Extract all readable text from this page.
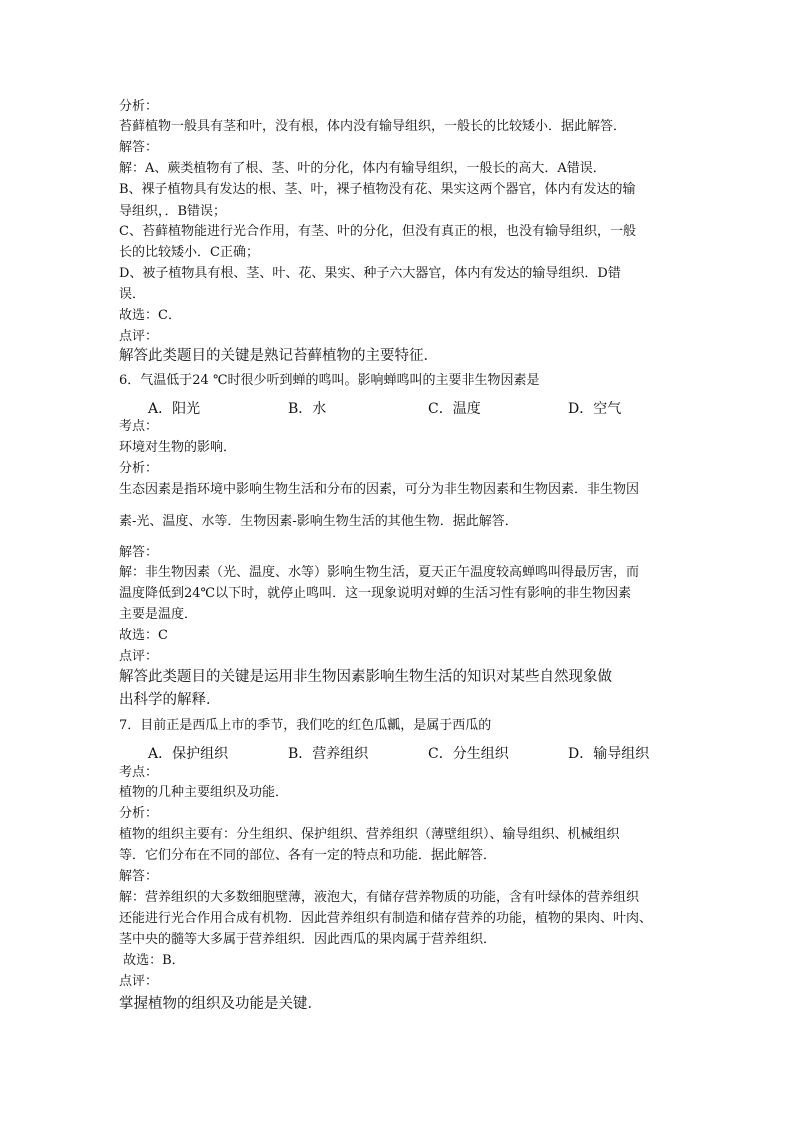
分析：
苔藓植物一般具有茎和叶，没有根，体内没有输导组织，一般长的比较矮小．据此解答．
解答：
解：A、蕨类植物有了根、茎、叶的分化，体内有输导组织，一般长的高大．A错误．
B、裸子植物具有发达的根、茎、叶，裸子植物没有花、果实这两个器官，体内有发达的输
导组织，．B错误；
C、苔藓植物能进行光合作用，有茎、叶的分化，但没有真正的根，也没有输导组织，一般
长的比较矮小．C正确；
D、被子植物具有根、茎、叶、花、果实、种子六大器官，体内有发达的输导组织．D错
误．
故选：C．
点评：
解答此类题目的关键是熟记苔藓植物的主要特征．
6．气温低于24 ℃时很少听到蝉的鸣叫。影响蝉鸣叫的主要非生物因素是
A．阳光	B．水	C．温度	D．空气
考点：
环境对生物的影响．
分析：
生态因素是指环境中影响生物生活和分布的因素，可分为非生物因素和生物因素．非生物因
素-光、温度、水等．生物因素-影响生物生活的其他生物．据此解答．
解答：
解：非生物因素（光、温度、水等）影响生物生活，夏天正午温度较高蝉鸣叫得最厉害，而
温度降低到24℃以下时，就停止鸣叫．这一现象说明对蝉的生活习性有影响的非生物因素
主要是温度．
故选：C
点评：
解答此类题目的关键是运用非生物因素影响生物生活的知识对某些自然现象做
出科学的解释．
7．目前正是西瓜上市的季节，我们吃的红色瓜瓤，是属于西瓜的
A．保护组织	B．营养组织	C．分生组织	D．输导组织
考点：
植物的几种主要组织及功能．
分析：
植物的组织主要有：分生组织、保护组织、营养组织（薄壁组织）、输导组织、机械组织
等．它们分布在不同的部位、各有一定的特点和功能．据此解答．
解答：
解：营养组织的大多数细胞壁薄，液泡大，有储存营养物质的功能，含有叶绿体的营养组织
还能进行光合作用合成有机物．因此营养组织有制造和储存营养的功能，植物的果肉、叶肉、
茎中央的髓等大多属于营养组织．因此西瓜的果肉属于营养组织．
故选：B．
点评：
掌握植物的组织及功能是关键．
